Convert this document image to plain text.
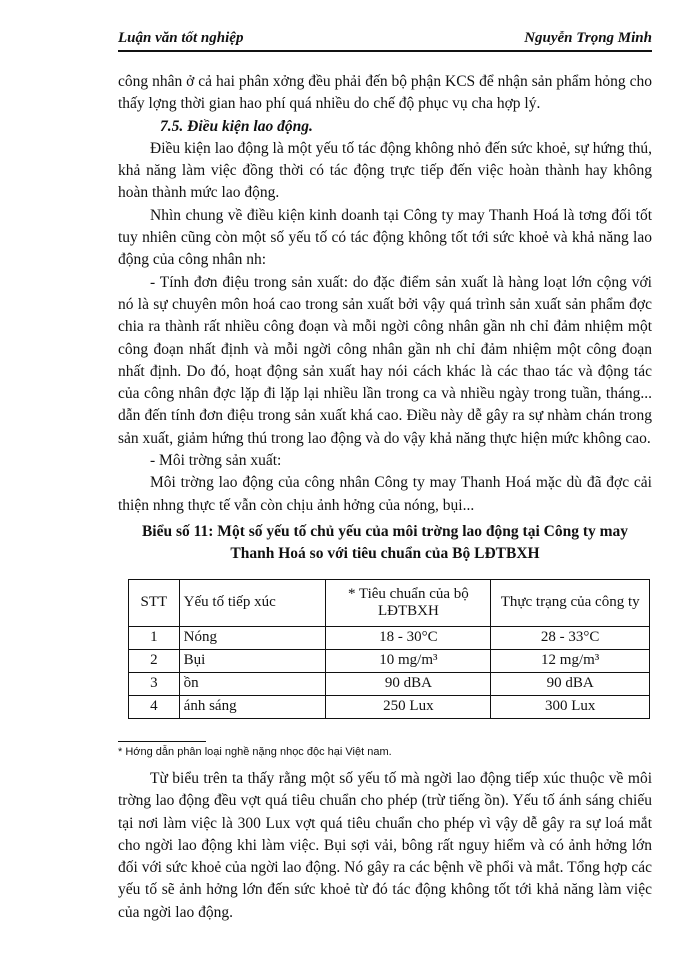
Luận văn tốt nghiệp	Nguyễn Trọng Minh

công nhân ở cả hai phân xởng đều phải đến bộ phận KCS để nhận sản phẩm hỏng cho thấy lợng thời gian hao phí quá nhiều do chế độ phục vụ cha hợp lý.

7.5. Điều kiện lao động.

Điều kiện lao động là một yếu tố tác động không nhỏ đến sức khoẻ, sự hứng thú, khả năng làm việc đồng thời có tác động trực tiếp đến việc hoàn thành hay không hoàn thành mức lao động.

Nhìn chung về điều kiện kinh doanh tại Công ty may Thanh Hoá là tơng đối tốt tuy nhiên cũng còn một số yếu tố có tác động không tốt tới sức khoẻ và khả năng lao động của công nhân nh:

- Tính đơn điệu trong sản xuất: do đặc điểm sản xuất là hàng loạt lớn cộng với nó là sự chuyên môn hoá cao trong sản xuất bởi vậy quá trình sản xuất sản phẩm đợc chia ra thành rất nhiều công đoạn và mỗi ngời công nhân gần nh chỉ đảm nhiệm một công đoạn nhất định và mỗi ngời công nhân gần nh chỉ đảm nhiệm một công đoạn nhất định. Do đó, hoạt động sản xuất hay nói cách khác là các thao tác và động tác của công nhân đợc lặp đi lặp lại nhiều lần trong ca và nhiều ngày trong tuần, tháng... dẫn đến tính đơn điệu trong sản xuất khá cao. Điều này dễ gây ra sự nhàm chán trong sản xuất, giảm hứng thú trong lao động và do vậy khả năng thực hiện mức không cao.

- Môi trờng sản xuất:

Môi trờng lao động của công nhân Công ty may Thanh Hoá mặc dù đã đợc cải thiện nhng thực tế vẫn còn chịu ảnh hởng của nóng, bụi...

Biểu số 11: Một số yếu tố chủ yếu của môi trờng lao động tại Công ty may
Thanh Hoá so với tiêu chuẩn của Bộ LĐTBXH
STT	Yếu tố tiếp xúc	* Tiêu chuẩn của bộ LĐTBXH	Thực trạng của công ty
1	Nóng	18 - 30°C	28 - 33°C
2	Bụi	10 mg/m³	12 mg/m³
3	ồn	90 dBA	90 dBA
4	ánh sáng	250 Lux	300 Lux
* Hớng dẫn phân loại nghề nặng nhọc độc hại Việt nam.

Từ biểu trên ta thấy rằng một số yếu tố mà ngời lao động tiếp xúc thuộc về môi trờng lao động đều vợt quá tiêu chuẩn cho phép (trừ tiếng ồn). Yếu tố ánh sáng chiếu tại nơi làm việc là 300 Lux vợt quá tiêu chuẩn cho phép vì vậy dễ gây ra sự loá mắt cho ngời lao động khi làm việc. Bụi sợi vải, bông rất nguy hiểm và có ảnh hởng lớn đối với sức khoẻ của ngời lao động. Nó gây ra các bệnh về phổi và mắt. Tổng hợp các yếu tố sẽ ảnh hởng lớn đến sức khoẻ từ đó tác động không tốt tới khả năng làm việc của ngời lao động.
